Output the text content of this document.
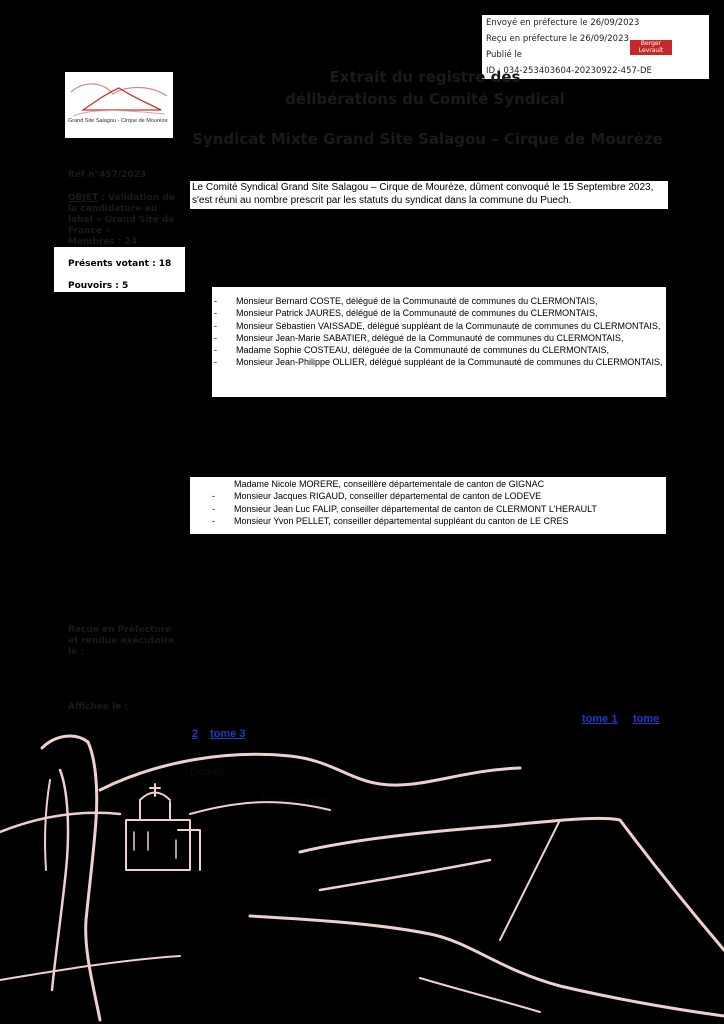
Envoyé en préfecture le 26/09/2023
Reçu en préfecture le 26/09/2023
Publié le
ID : 034-253403604-20230922-457-DE
Berger
Levrault
Grand Site Salagou - Cirque de Mourèze
Extrait du registre des
délibérations du Comité Syndical
Syndicat Mixte Grand Site Salagou – Cirque de Mourèze
Réf n°457/2023
OBJET : Validation de la candidature au label « Grand Site de France »
Membres : 24
Présents votant : 18
Pouvoirs : 5
Reçue en Préfecture et rendue exécutoire le :
Affichée le :
Le Comité Syndical Grand Site Salagou – Cirque de Mourèze, dûment convoqué le 15 Septembre 2023, s'est réuni au nombre prescrit par les statuts du syndicat dans la commune du Puech.
- Monsieur Bernard COSTE, délégué de la Communauté de communes du CLERMONTAIS,
- Monsieur Patrick JAURES, délégué de la Communauté de communes du CLERMONTAIS,
- Monsieur Sébastien VAISSADE, délégué suppléant de la Communauté de communes du CLERMONTAIS,
- Monsieur Jean-Marie SABATIER, délégué de la Communauté de communes du CLERMONTAIS,
- Madame Sophie COSTEAU, déléguée de la Communauté de communes du CLERMONTAIS,
- Monsieur Jean-Philippe OLLIER, délégué suppléant de la Communauté de communes du CLERMONTAIS,
Madame Nicole MORERE, conseillère départementale de canton de GIGNAC
- Monsieur Jacques RIGAUD, conseiller départemental de canton de LODEVE
- Monsieur Jean Luc FALIP, conseiller départemental de canton de CLERMONT L'HERAULT
- Monsieur Yvon PELLET, conseiller départemental suppléant du canton de LE CRES
tome 1 tome
2 tome 3
Depuis
l'engagement
